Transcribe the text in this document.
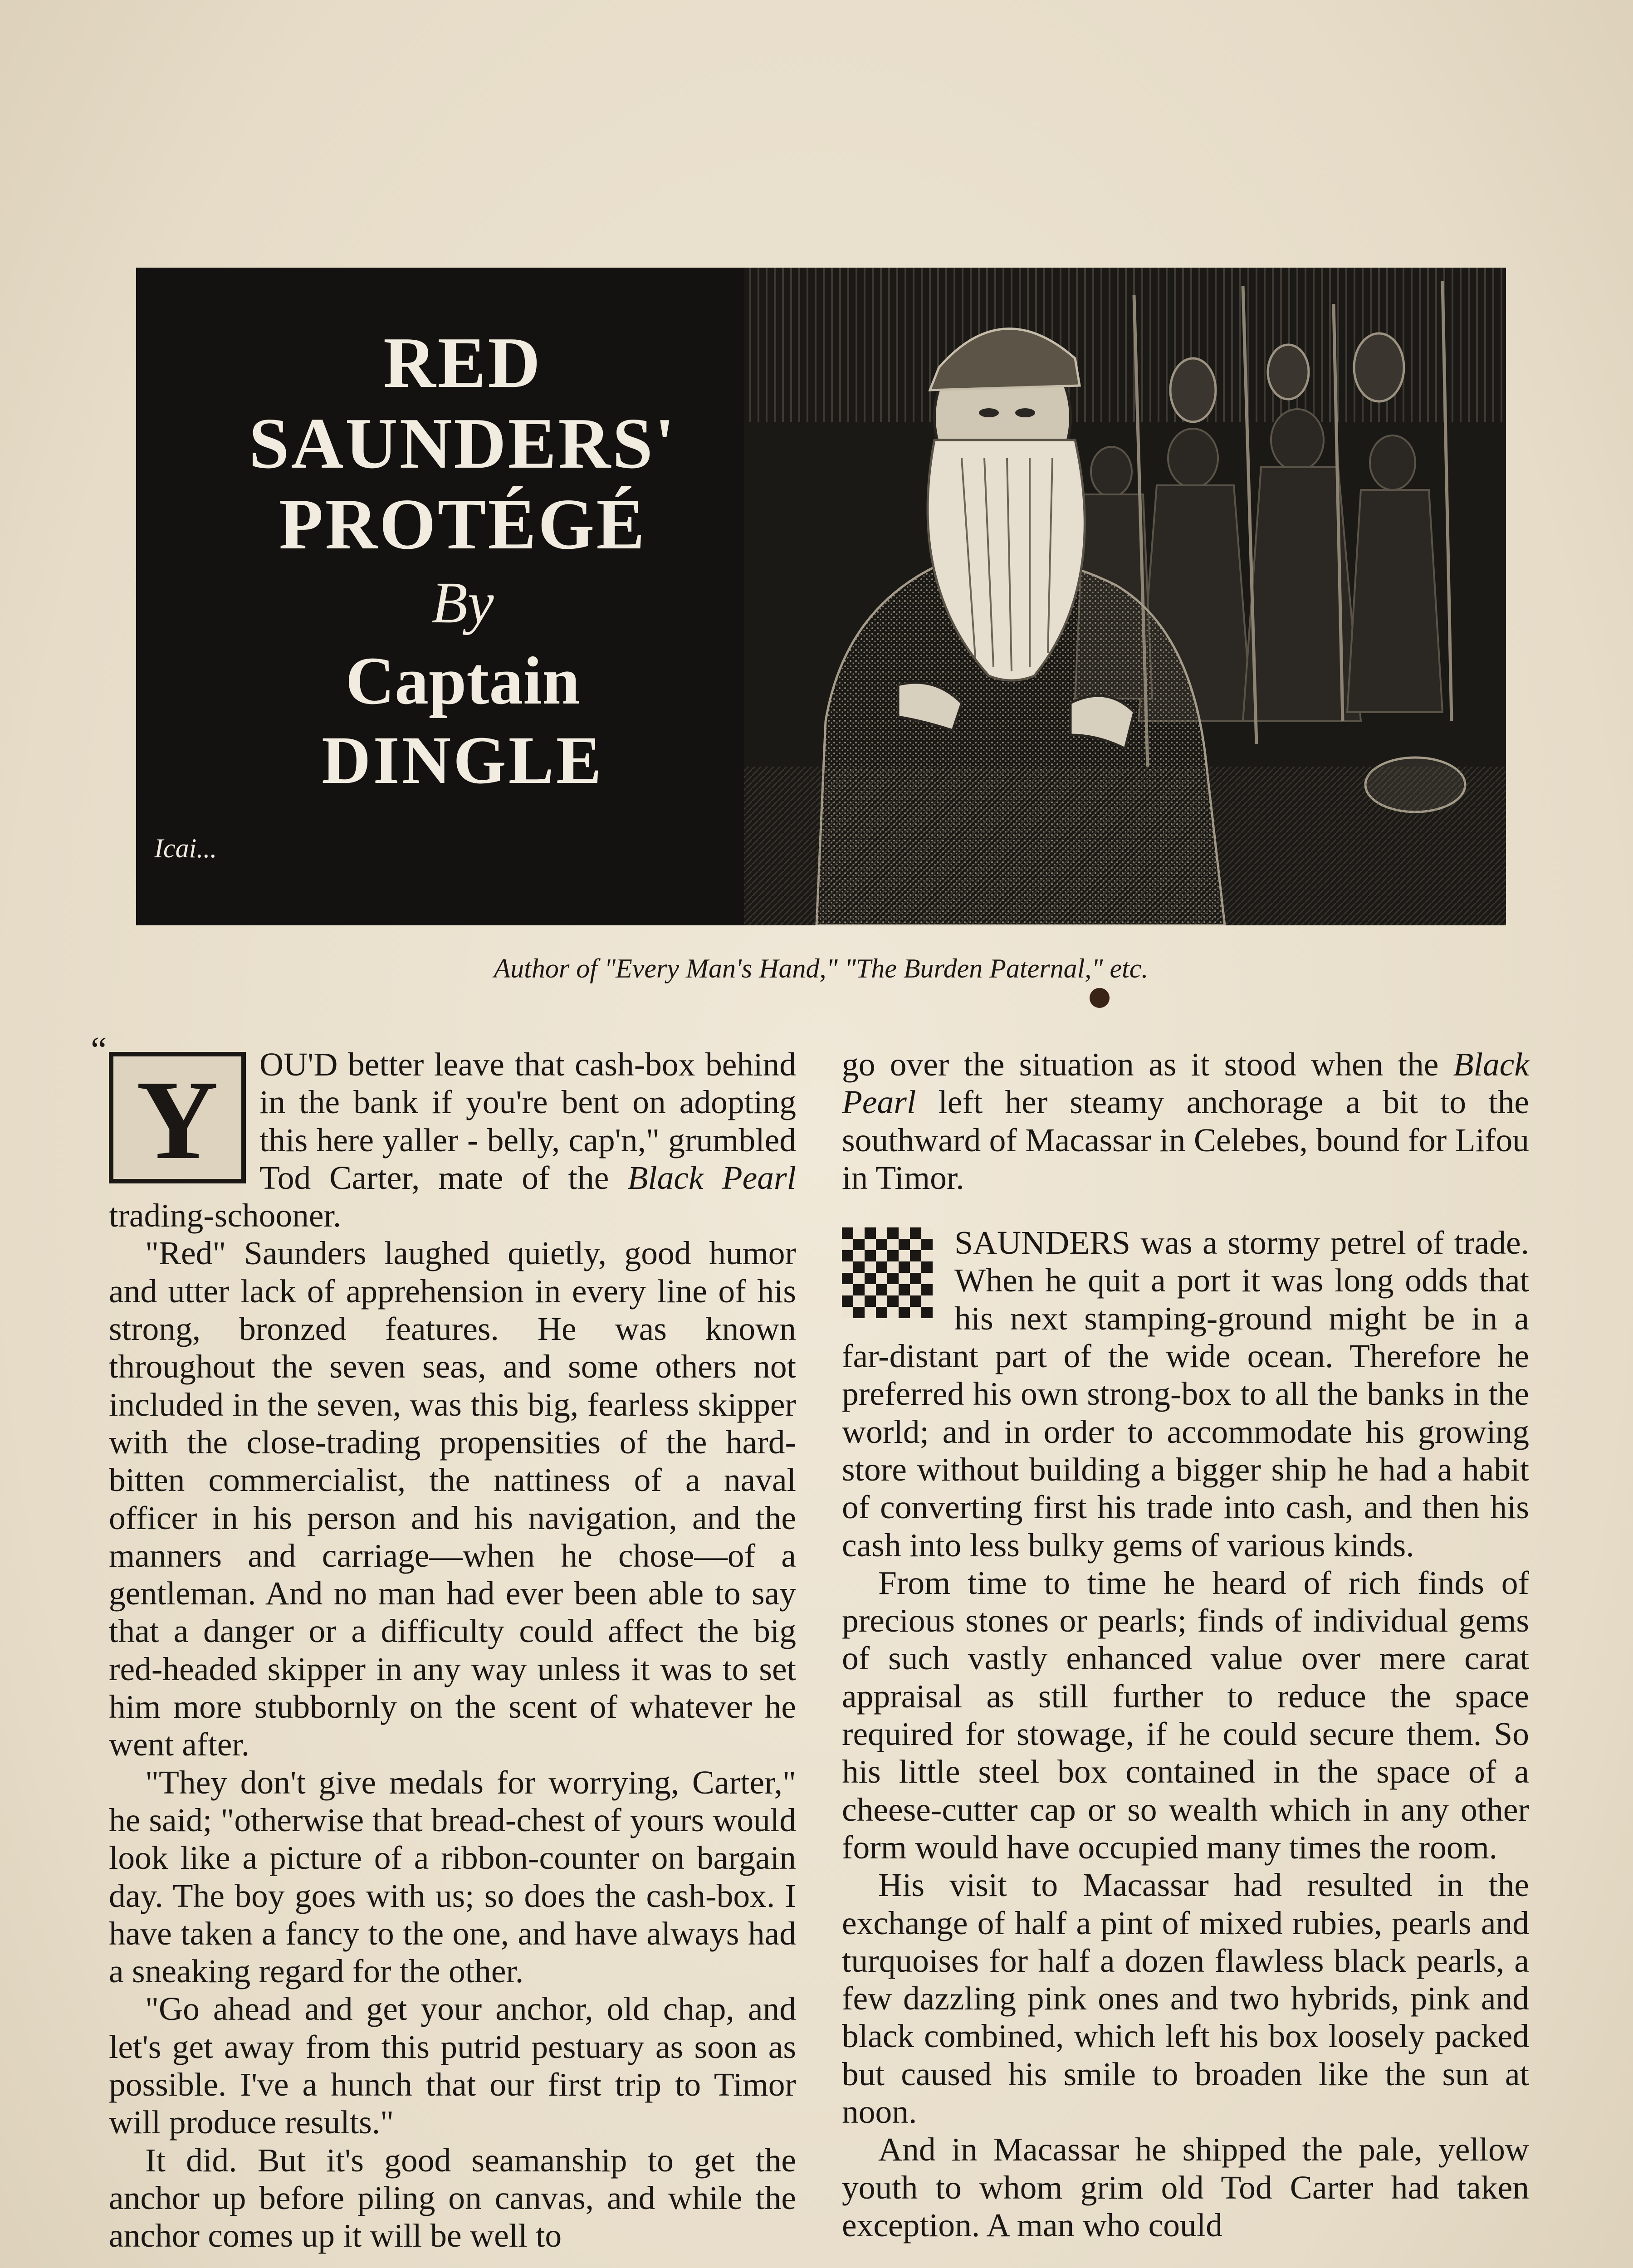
RED
SAUNDERS'
PROTÉGÉ
By
Captain
DINGLE
Icai...
Author of "Every Man's Hand," "The Burden Paternal," etc.
“

Y	OU'D better leave that cash-box behind in the bank if you're bent on adopting this here yaller - belly, cap'n," grumbled Tod Carter, mate of the Black Pearl trading-schooner.

"Red" Saunders laughed quietly, good humor and utter lack of apprehension in every line of his strong, bronzed features. He was known throughout the seven seas, and some others not included in the seven, was this big, fearless skipper with the close-trading propensities of the hard-bitten commercialist, the nattiness of a naval officer in his person and his navigation, and the manners and carriage—when he chose—of a gentleman. And no man had ever been able to say that a danger or a difficulty could affect the big red-headed skipper in any way unless it was to set him more stubbornly on the scent of whatever he went after.

"They don't give medals for worrying, Carter," he said; "otherwise that bread-chest of yours would look like a picture of a ribbon-counter on bargain day. The boy goes with us; so does the cash-box. I have taken a fancy to the one, and have always had a sneaking regard for the other.

"Go ahead and get your anchor, old chap, and let's get away from this putrid pestuary as soon as possible. I've a hunch that our first trip to Timor will produce results."

It did. But it's good seamanship to get the anchor up before piling on canvas, and while the anchor comes up it will be well to

go over the situation as it stood when the Black Pearl left her steamy anchorage a bit to the southward of Macassar in Celebes, bound for Lifou in Timor.

SAUNDERS was a stormy petrel of trade. When he quit a port it was long odds that his next stamping-ground might be in a far-distant part of the wide ocean. Therefore he preferred his own strong-box to all the banks in the world; and in order to accommodate his growing store without building a bigger ship he had a habit of converting first his trade into cash, and then his cash into less bulky gems of various kinds.

From time to time he heard of rich finds of precious stones or pearls; finds of individual gems of such vastly enhanced value over mere carat appraisal as still further to reduce the space required for stowage, if he could secure them. So his little steel box contained in the space of a cheese-cutter cap or so wealth which in any other form would have occupied many times the room.

His visit to Macassar had resulted in the exchange of half a pint of mixed rubies, pearls and turquoises for half a dozen flawless black pearls, a few dazzling pink ones and two hybrids, pink and black combined, which left his box loosely packed but caused his smile to broaden like the sun at noon.

And in Macassar he shipped the pale, yellow youth to whom grim old Tod Carter had taken exception. A man who could
